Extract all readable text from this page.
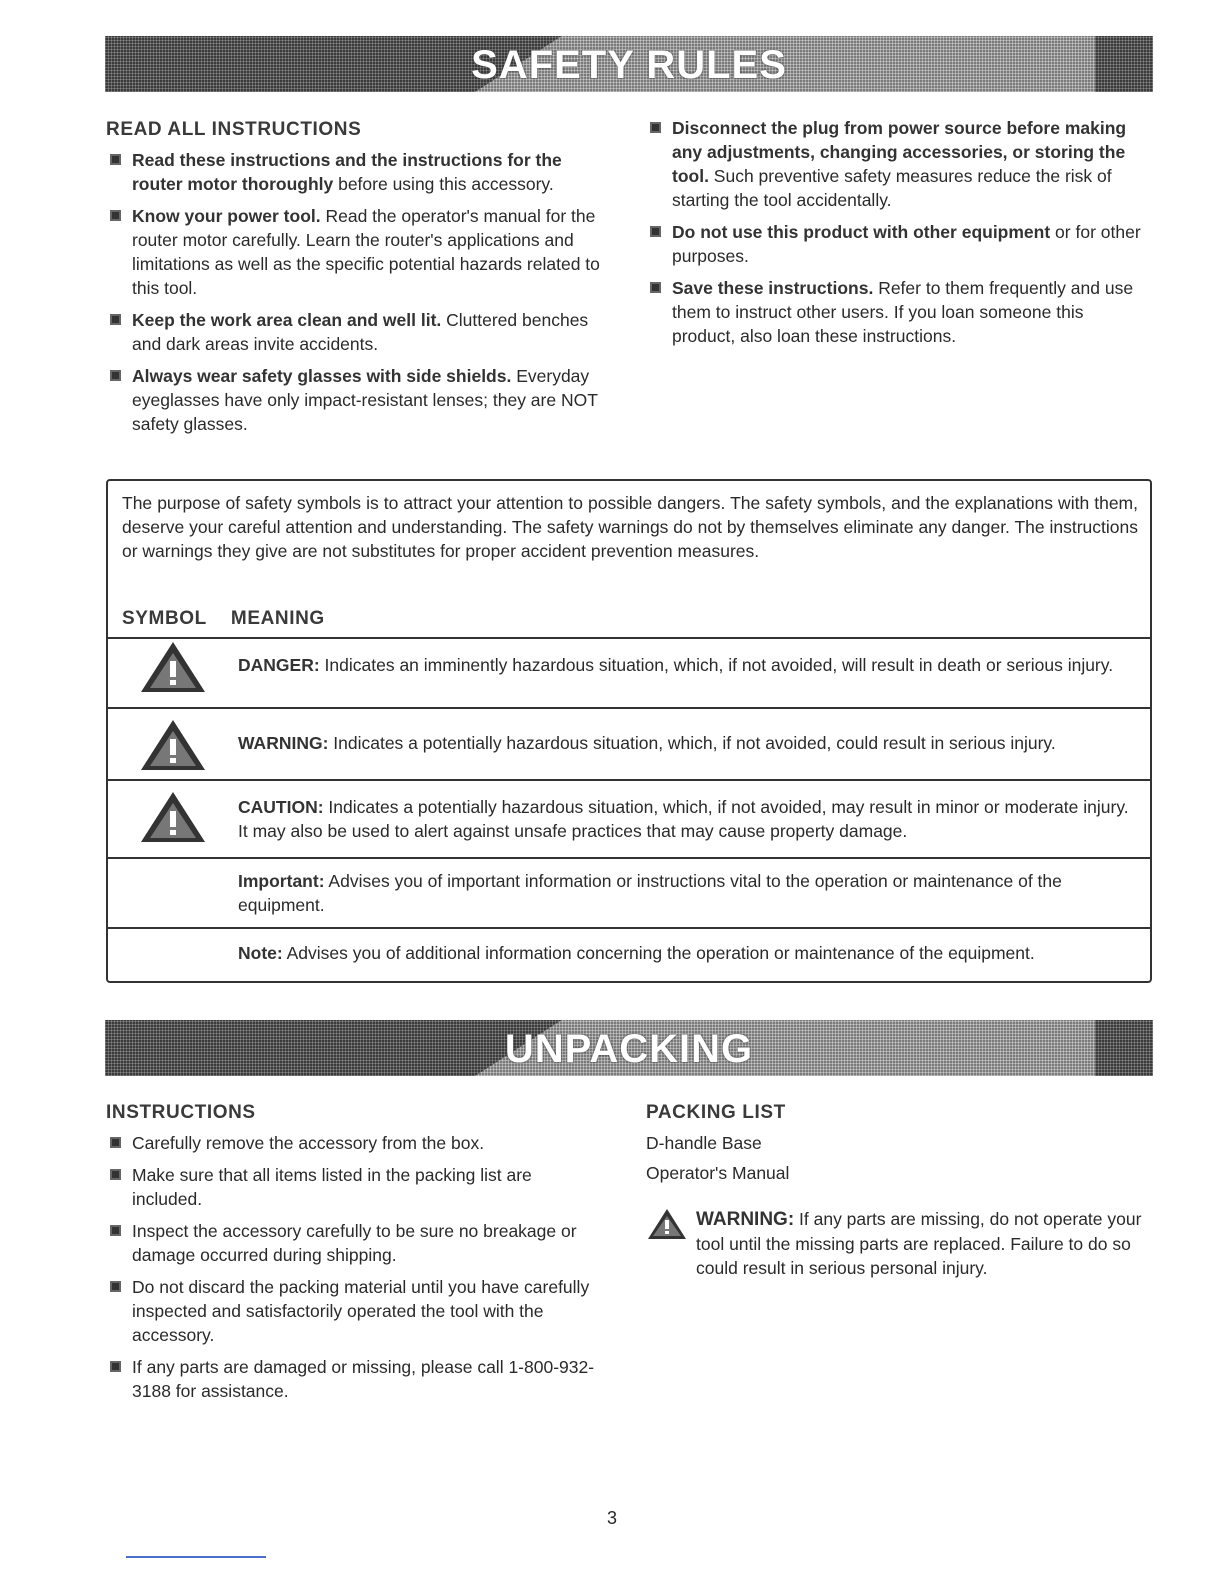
SAFETY RULES
READ ALL INSTRUCTIONS
Read these instructions and the instructions for the router motor thoroughly before using this accessory.
Know your power tool. Read the operator's manual for the router motor carefully. Learn the router's applications and limitations as well as the specific potential hazards related to this tool.
Keep the work area clean and well lit. Cluttered benches and dark areas invite accidents.
Always wear safety glasses with side shields. Everyday eyeglasses have only impact-resistant lenses; they are NOT safety glasses.
Disconnect the plug from power source before making any adjustments, changing accessories, or storing the tool. Such preventive safety measures reduce the risk of starting the tool accidentally.
Do not use this product with other equipment or for other purposes.
Save these instructions. Refer to them frequently and use them to instruct other users. If you loan someone this product, also loan these instructions.
The purpose of safety symbols is to attract your attention to possible dangers. The safety symbols, and the explanations with them, deserve your careful attention and understanding. The safety warnings do not by themselves eliminate any danger. The instructions or warnings they give are not substitutes for proper accident prevention measures.
SYMBOL MEANING
DANGER: Indicates an imminently hazardous situation, which, if not avoided, will result in death or serious injury.
WARNING: Indicates a potentially hazardous situation, which, if not avoided, could result in serious injury.
CAUTION: Indicates a potentially hazardous situation, which, if not avoided, may result in minor or moderate injury. It may also be used to alert against unsafe practices that may cause property damage.
Important: Advises you of important information or instructions vital to the operation or maintenance of the equipment.
Note: Advises you of additional information concerning the operation or maintenance of the equipment.
UNPACKING
INSTRUCTIONS
Carefully remove the accessory from the box.
Make sure that all items listed in the packing list are included.
Inspect the accessory carefully to be sure no breakage or damage occurred during shipping.
Do not discard the packing material until you have carefully inspected and satisfactorily operated the tool with the accessory.
If any parts are damaged or missing, please call 1-800-932-3188 for assistance.
PACKING LIST
D-handle Base
Operator's Manual
WARNING: If any parts are missing, do not operate your tool until the missing parts are replaced. Failure to do so could result in serious personal injury.
3
